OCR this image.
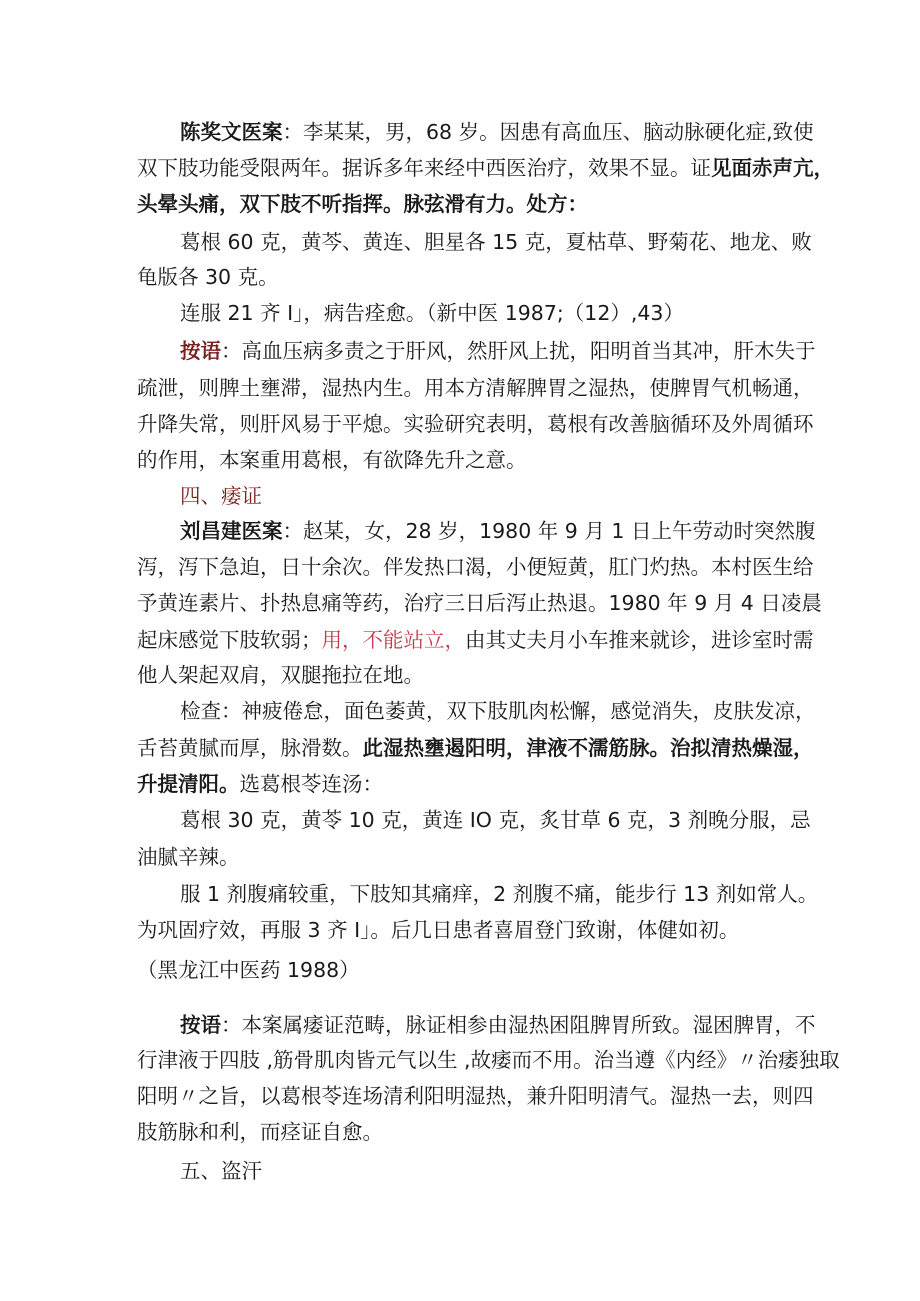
陈奖文医案：李某某，男，68 岁。因患有高血压、脑动脉硬化症,致使
双下肢功能受限两年。据诉多年来经中西医治疗，效果不显。证见面赤声亢，
头晕头痛，双下肢不听指挥。脉弦滑有力。处方：
葛根 60 克，黄芩、黄连、胆星各 15 克，夏枯草、野菊花、地龙、败
龟版各 30 克。
连服 21 齐 I」，病告痊愈。（新中医 1987;（12）,43）
按语：高血压病多责之于肝风，然肝风上扰，阳明首当其冲，肝木失于
疏泄，则脾土壅滞，湿热内生。用本方清解脾胃之湿热，使脾胃气机畅通，
升降失常，则肝风易于平熄。实验研究表明，葛根有改善脑循环及外周循环
的作用，本案重用葛根，有欲降先升之意。
四、痿证
刘昌建医案：赵某，女，28 岁，1980 年 9 月 1 日上午劳动时突然腹
泻，泻下急迫，日十余次。伴发热口渴，小便短黄，肛门灼热。本村医生给
予黄连素片、扑热息痛等药，治疗三日后泻止热退。1980 年 9 月 4 日凌晨
起床感觉下肢软弱；用，不能站立，由其丈夫月小车推来就诊，进诊室时需
他人架起双肩，双腿拖拉在地。
检查：神疲倦怠，面色萎黄，双下肢肌肉松懈，感觉消失，皮肤发凉，
舌苔黄腻而厚，脉滑数。此湿热壅遏阳明，津液不濡筋脉。治拟清热燥湿，
升提清阳。选葛根苓连汤：
葛根 30 克，黄苓 10 克，黄连 IO 克，炙甘草 6 克，3 剂晚分服，忌
油腻辛辣。
服 1 剂腹痛较重，下肢知其痛痒，2 剂腹不痛，能步行 13 剂如常人。
为巩固疗效，再服 3 齐 I」。后几日患者喜眉登门致谢，体健如初。
（黑龙江中医药 1988）
按语：本案属痿证范畴，脉证相参由湿热困阻脾胃所致。湿困脾胃，不
行津液于四肢 ,筋骨肌肉皆元气以生 ,故痿而不用。治当遵《内经》〃治痿独取
阳明〃之旨，以葛根苓连场清利阳明湿热，兼升阳明清气。湿热一去，则四
肢筋脉和利，而痉证自愈。
五、盗汗
